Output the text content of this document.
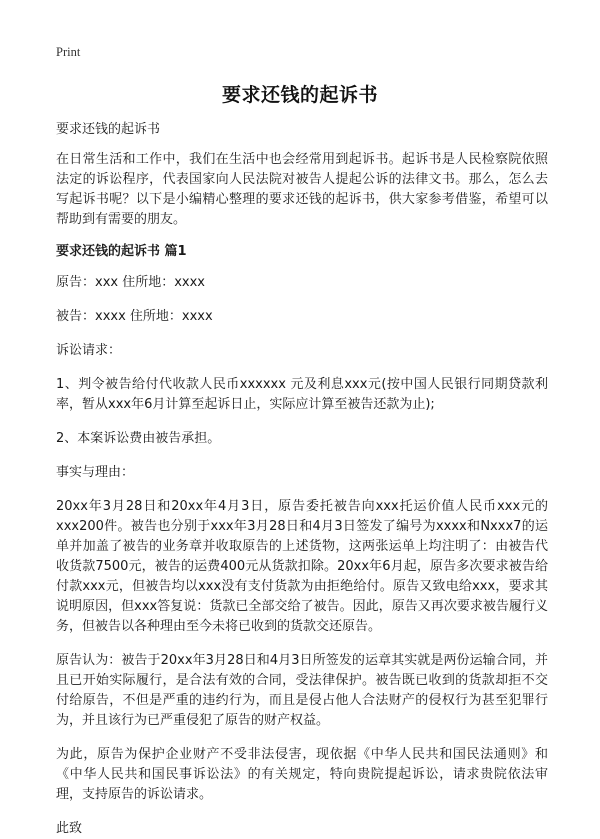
Print
要求还钱的起诉书

要求还钱的起诉书

在日常生活和工作中，我们在生活中也会经常用到起诉书。起诉书是人民检察院依照法定的诉讼程序，代表国家向人民法院对被告人提起公诉的法律文书。那么，怎么去写起诉书呢？以下是小编精心整理的要求还钱的起诉书，供大家参考借鉴，希望可以帮助到有需要的朋友。

要求还钱的起诉书 篇1

原告：xxx 住所地：xxxx

被告：xxxx 住所地：xxxx

诉讼请求：

1、判令被告给付代收款人民币xxxxxx 元及利息xxx元(按中国人民银行同期贷款利率，暂从xxx年6月计算至起诉日止，实际应计算至被告还款为止);

2、本案诉讼费由被告承担。

事实与理由：

20xx年3月28日和20xx年4月3日，原告委托被告向xxx托运价值人民币xxx元的xxx200件。被告也分别于xxx年3月28日和4月3日签发了编号为xxxx和Nxxx7的运单并加盖了被告的业务章并收取原告的上述货物，这两张运单上均注明了：由被告代收货款7500元，被告的运费400元从货款扣除。20xx年6月起，原告多次要求被告给付款xxx元，但被告均以xxx没有支付货款为由拒绝给付。原告又致电给xxx，要求其说明原因，但xxx答复说：货款已全部交给了被告。因此，原告又再次要求被告履行义务，但被告以各种理由至今未将已收到的货款交还原告。

原告认为：被告于20xx年3月28日和4月3日所签发的运章其实就是两份运输合同，并且已开始实际履行，是合法有效的合同，受法律保护。被告既已收到的货款却拒不交付给原告，不但是严重的违约行为，而且是侵占他人合法财产的侵权行为甚至犯罪行为，并且该行为已严重侵犯了原告的财产权益。

为此，原告为保护企业财产不受非法侵害，现依据《中华人民共和国民法通则》和《中华人民共和国民事诉讼法》的有关规定，特向贵院提起诉讼，请求贵院依法审理，支持原告的诉讼请求。

此致
